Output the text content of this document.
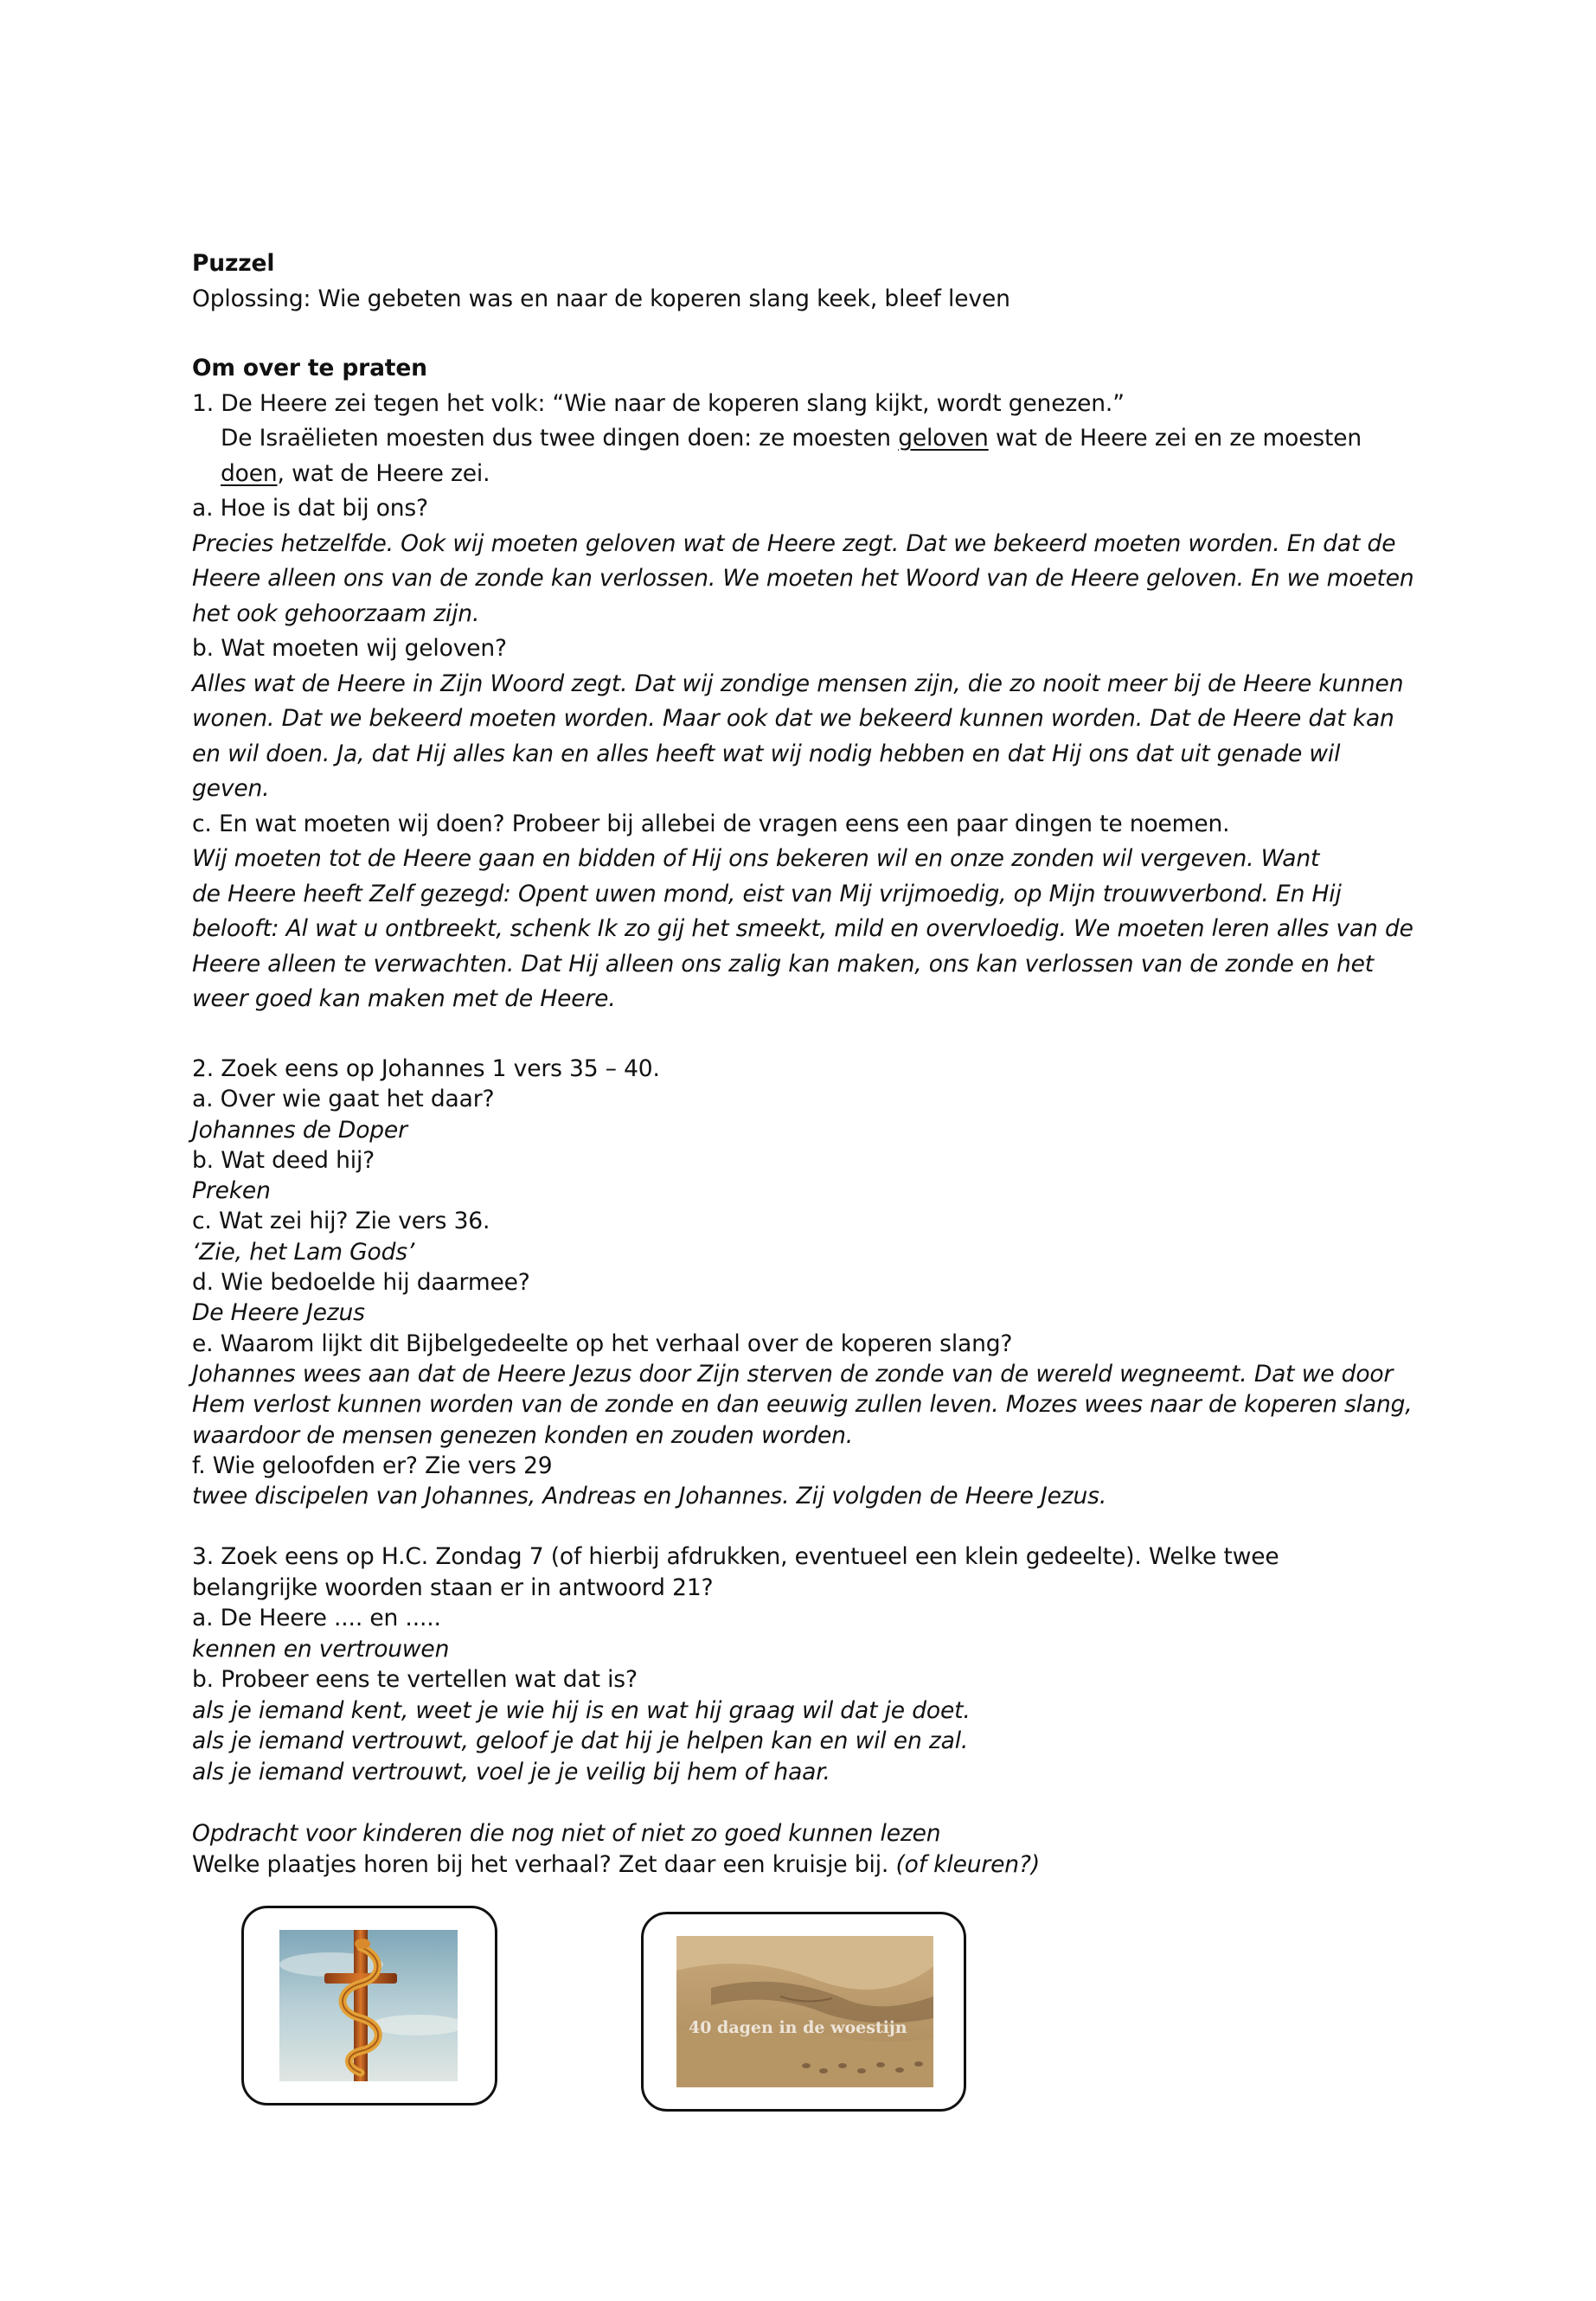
Puzzel

Oplossing: Wie gebeten was en naar de koperen slang keek, bleef leven

Om over te praten

1. De Heere zei tegen het volk: “Wie naar de koperen slang kijkt, wordt genezen.”

De Israëlieten moesten dus twee dingen doen: ze moesten geloven wat de Heere zei en ze moesten

doen, wat de Heere zei.

a. Hoe is dat bij ons?

Precies hetzelfde. Ook wij moeten geloven wat de Heere zegt. Dat we bekeerd moeten worden. En dat de

Heere alleen ons van de zonde kan verlossen. We moeten het Woord van de Heere geloven. En we moeten

het ook gehoorzaam zijn.

b. Wat moeten wij geloven?

Alles wat de Heere in Zijn Woord zegt. Dat wij zondige mensen zijn, die zo nooit meer bij de Heere kunnen

wonen. Dat we bekeerd moeten worden. Maar ook dat we bekeerd kunnen worden. Dat de Heere dat kan

en wil doen. Ja, dat Hij alles kan en alles heeft wat wij nodig hebben en dat Hij ons dat uit genade wil

geven.

c. En wat moeten wij doen? Probeer bij allebei de vragen eens een paar dingen te noemen.

Wij moeten tot de Heere gaan en bidden of Hij ons bekeren wil en onze zonden wil vergeven. Want

de Heere heeft Zelf gezegd: Opent uwen mond, eist van Mij vrijmoedig, op Mijn trouwverbond. En Hij

belooft: Al wat u ontbreekt, schenk Ik zo gij het smeekt, mild en overvloedig. We moeten leren alles van de

Heere alleen te verwachten. Dat Hij alleen ons zalig kan maken, ons kan verlossen van de zonde en het

weer goed kan maken met de Heere.

2. Zoek eens op Johannes 1 vers 35 – 40.

a. Over wie gaat het daar?

Johannes de Doper

b. Wat deed hij?

Preken

c. Wat zei hij? Zie vers 36.

‘Zie, het Lam Gods’

d. Wie bedoelde hij daarmee?

De Heere Jezus

e. Waarom lijkt dit Bijbelgedeelte op het verhaal over de koperen slang?

Johannes wees aan dat de Heere Jezus door Zijn sterven de zonde van de wereld wegneemt. Dat we door

Hem verlost kunnen worden van de zonde en dan eeuwig zullen leven. Mozes wees naar de koperen slang,

waardoor de mensen genezen konden en zouden worden.

f. Wie geloofden er? Zie vers 29

twee discipelen van Johannes, Andreas en Johannes. Zij volgden de Heere Jezus.

3. Zoek eens op H.C. Zondag 7 (of hierbij afdrukken, eventueel een klein gedeelte). Welke twee

belangrijke woorden staan er in antwoord 21?

a. De Heere .... en .....

kennen en vertrouwen

b. Probeer eens te vertellen wat dat is?

als je iemand kent, weet je wie hij is en wat hij graag wil dat je doet.

als je iemand vertrouwt, geloof je dat hij je helpen kan en wil en zal.

als je iemand vertrouwt, voel je je veilig bij hem of haar.

Opdracht voor kinderen die nog niet of niet zo goed kunnen lezen

Welke plaatjes horen bij het verhaal? Zet daar een kruisje bij. (of kleuren?)

40 dagen in de woestijn
